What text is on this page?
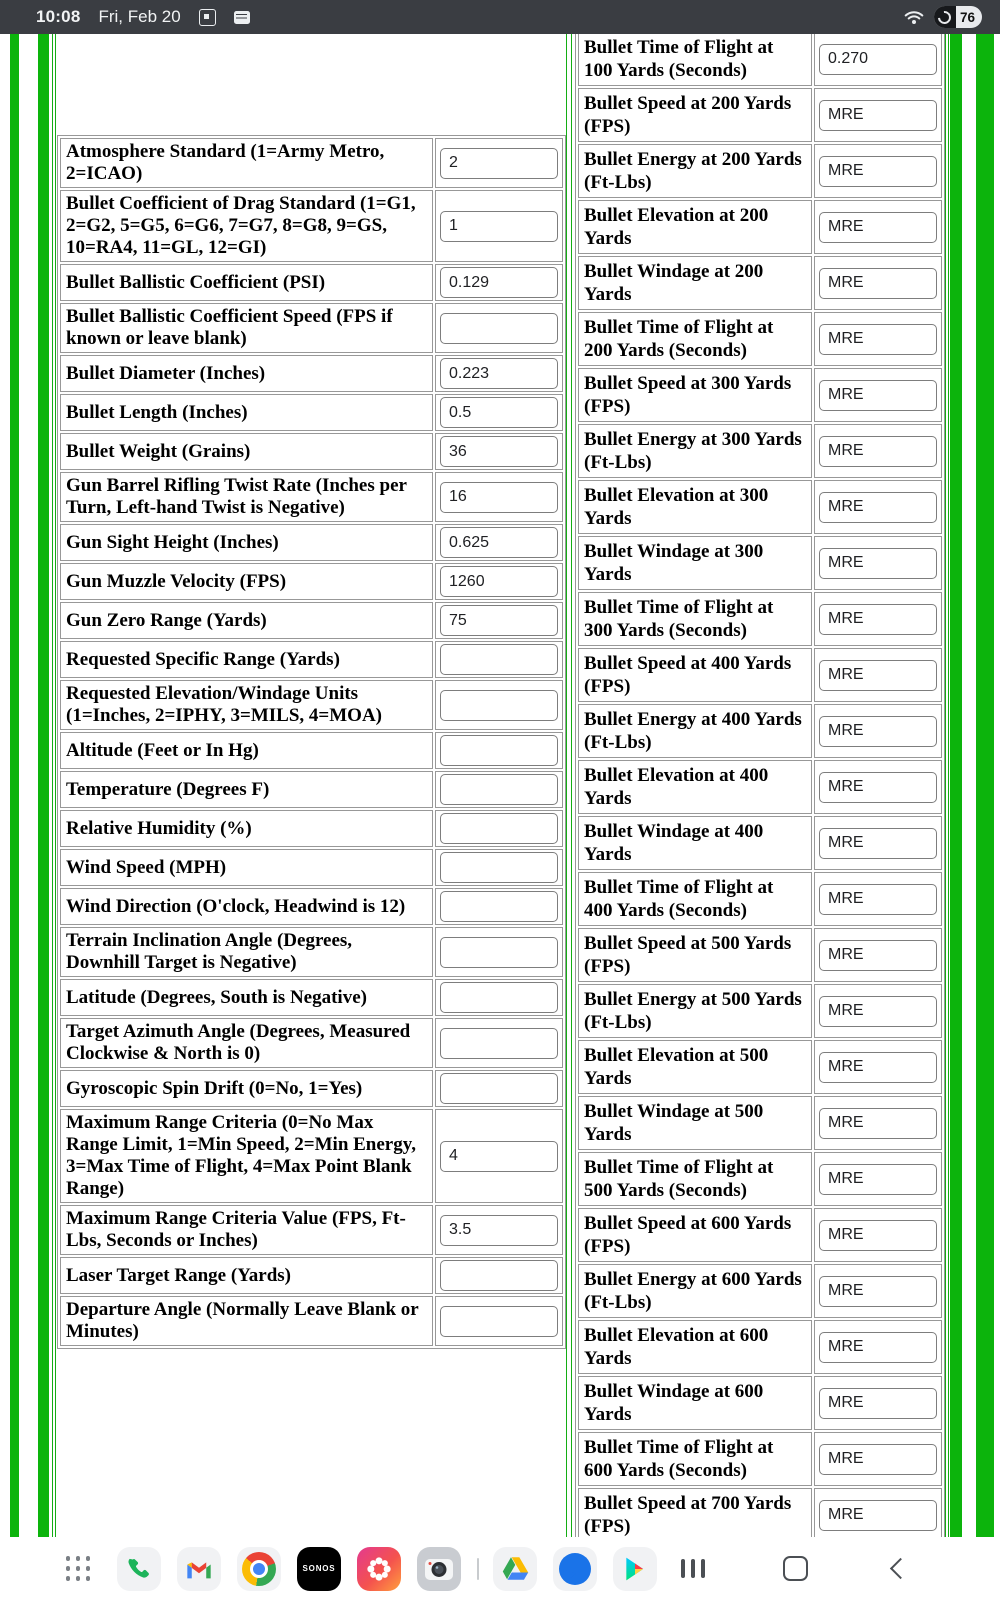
10:08 Fri, Feb 20	76
Atmosphere Standard (1=Army Metro, 2=ICAO)	2
Bullet Coefficient of Drag Standard (1=G1, 2=G2, 5=G5, 6=G6, 7=G7, 8=G8, 9=GS, 10=RA4, 11=GL, 12=GI)	1
Bullet Ballistic Coefficient (PSI)	0.129
Bullet Ballistic Coefficient Speed (FPS if known or leave blank)	
Bullet Diameter (Inches)	0.223
Bullet Length (Inches)	0.5
Bullet Weight (Grains)	36
Gun Barrel Rifling Twist Rate (Inches per Turn, Left-hand Twist is Negative)	16
Gun Sight Height (Inches)	0.625
Gun Muzzle Velocity (FPS)	1260
Gun Zero Range (Yards)	75
Requested Specific Range (Yards)	
Requested Elevation/Windage Units (1=Inches, 2=IPHY, 3=MILS, 4=MOA)	
Altitude (Feet or In Hg)	
Temperature (Degrees F)	
Relative Humidity (%)	
Wind Speed (MPH)	
Wind Direction (O'clock, Headwind is 12)	
Terrain Inclination Angle (Degrees, Downhill Target is Negative)	
Latitude (Degrees, South is Negative)	
Target Azimuth Angle (Degrees, Measured Clockwise & North is 0)	
Gyroscopic Spin Drift (0=No, 1=Yes)	
Maximum Range Criteria (0=No Max Range Limit, 1=Min Speed, 2=Min Energy, 3=Max Time of Flight, 4=Max Point Blank Range)	4
Maximum Range Criteria Value (FPS, Ft-Lbs, Seconds or Inches)	3.5
Laser Target Range (Yards)	
Departure Angle (Normally Leave Blank or Minutes)	
Bullet Time of Flight at 100 Yards (Seconds)	0.270
Bullet Speed at 200 Yards (FPS)	MRE
Bullet Energy at 200 Yards (Ft-Lbs)	MRE
Bullet Elevation at 200 Yards	MRE
Bullet Windage at 200 Yards	MRE
Bullet Time of Flight at 200 Yards (Seconds)	MRE
Bullet Speed at 300 Yards (FPS)	MRE
Bullet Energy at 300 Yards (Ft-Lbs)	MRE
Bullet Elevation at 300 Yards	MRE
Bullet Windage at 300 Yards	MRE
Bullet Time of Flight at 300 Yards (Seconds)	MRE
Bullet Speed at 400 Yards (FPS)	MRE
Bullet Energy at 400 Yards (Ft-Lbs)	MRE
Bullet Elevation at 400 Yards	MRE
Bullet Windage at 400 Yards	MRE
Bullet Time of Flight at 400 Yards (Seconds)	MRE
Bullet Speed at 500 Yards (FPS)	MRE
Bullet Energy at 500 Yards (Ft-Lbs)	MRE
Bullet Elevation at 500 Yards	MRE
Bullet Windage at 500 Yards	MRE
Bullet Time of Flight at 500 Yards (Seconds)	MRE
Bullet Speed at 600 Yards (FPS)	MRE
Bullet Energy at 600 Yards (Ft-Lbs)	MRE
Bullet Elevation at 600 Yards	MRE
Bullet Windage at 600 Yards	MRE
Bullet Time of Flight at 600 Yards (Seconds)	MRE
Bullet Speed at 700 Yards (FPS)	MRE
SONOS
